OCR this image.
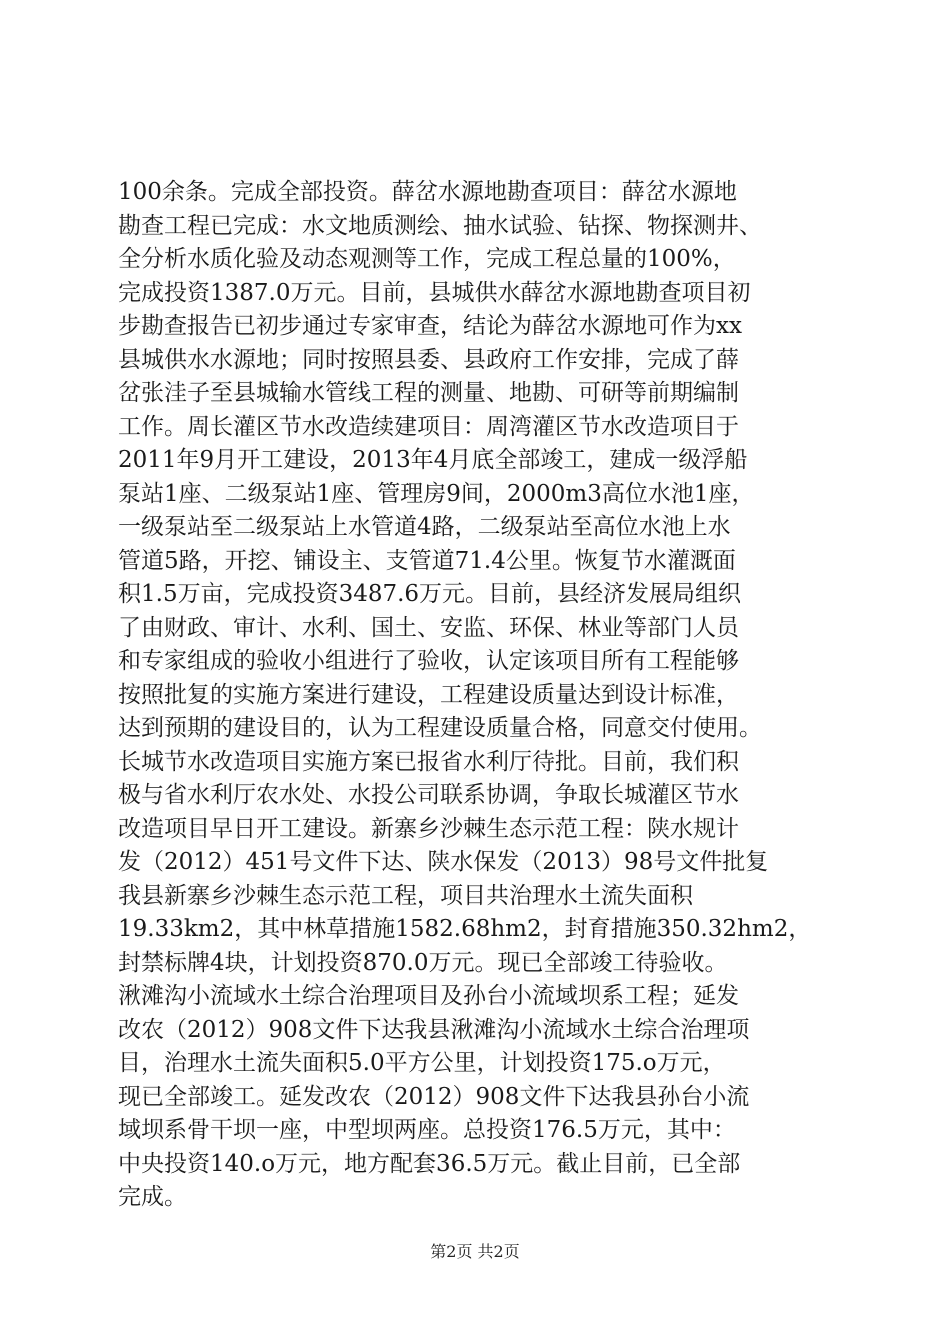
100余条。完成全部投资。薛岔水源地勘查项目：薛岔水源地
勘查工程已完成：水文地质测绘、抽水试验、钻探、物探测井、
全分析水质化验及动态观测等工作，完成工程总量的100%，
完成投资1387.0万元。目前，县城供水薛岔水源地勘查项目初
步勘查报告已初步通过专家审查，结论为薛岔水源地可作为xx
县城供水水源地；同时按照县委、县政府工作安排，完成了薛
岔张洼子至县城输水管线工程的测量、地勘、可研等前期编制
工作。周长灌区节水改造续建项目：周湾灌区节水改造项目于
2011年9月开工建设，2013年4月底全部竣工，建成一级浮船
泵站1座、二级泵站1座、管理房9间，2000m3高位水池1座，
一级泵站至二级泵站上水管道4路，二级泵站至高位水池上水
管道5路，开挖、铺设主、支管道71.4公里。恢复节水灌溉面
积1.5万亩，完成投资3487.6万元。目前，县经济发展局组织
了由财政、审计、水利、国土、安监、环保、林业等部门人员
和专家组成的验收小组进行了验收，认定该项目所有工程能够
按照批复的实施方案进行建设，工程建设质量达到设计标准，
达到预期的建设目的，认为工程建设质量合格，同意交付使用。
长城节水改造项目实施方案已报省水利厅待批。目前，我们积
极与省水利厅农水处、水投公司联系协调，争取长城灌区节水
改造项目早日开工建设。新寨乡沙棘生态示范工程：陕水规计
发（2012）451号文件下达、陕水保发（2013）98号文件批复
我县新寨乡沙棘生态示范工程，项目共治理水土流失面积
19.33km2，其中林草措施1582.68hm2，封育措施350.32hm2，
封禁标牌4块，计划投资870.0万元。现已全部竣工待验收。
湫滩沟小流域水土综合治理项目及孙台小流域坝系工程；延发
改农（2012）908文件下达我县湫滩沟小流域水土综合治理项
目，治理水土流失面积5.0平方公里，计划投资175.o万元，
现已全部竣工。延发改农（2012）908文件下达我县孙台小流
域坝系骨干坝一座，中型坝两座。总投资176.5万元，其中：
中央投资140.o万元，地方配套36.5万元。截止目前，已全部
完成。
第2页 共2页
